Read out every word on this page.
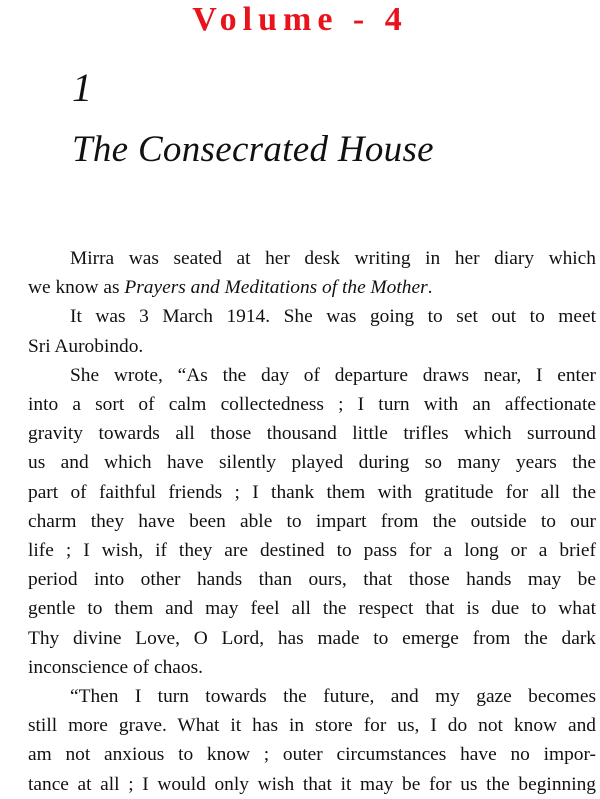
Volume - 4
1
The Consecrated House

Mirra was seated at her desk writing in her diary which
we know as Prayers and Meditations of the Mother.

It was 3 March 1914. She was going to set out to meet
Sri Aurobindo.

She wrote, “As the day of departure draws near, I enter
into a sort of calm collectedness ; I turn with an affectionate
gravity towards all those thousand little trifles which surround
us and which have silently played during so many years the
part of faithful friends ; I thank them with gratitude for all the
charm they have been able to impart from the outside to our
life ; I wish, if they are destined to pass for a long or a brief
period into other hands than ours, that those hands may be
gentle to them and may feel all the respect that is due to what
Thy divine Love, O Lord, has made to emerge from the dark
inconscience of chaos.

“Then I turn towards the future, and my gaze becomes
still more grave. What it has in store for us, I do not know and
am not anxious to know ; outer circumstances have no impor-
tance at all ; I would only wish that it may be for us the beginning
